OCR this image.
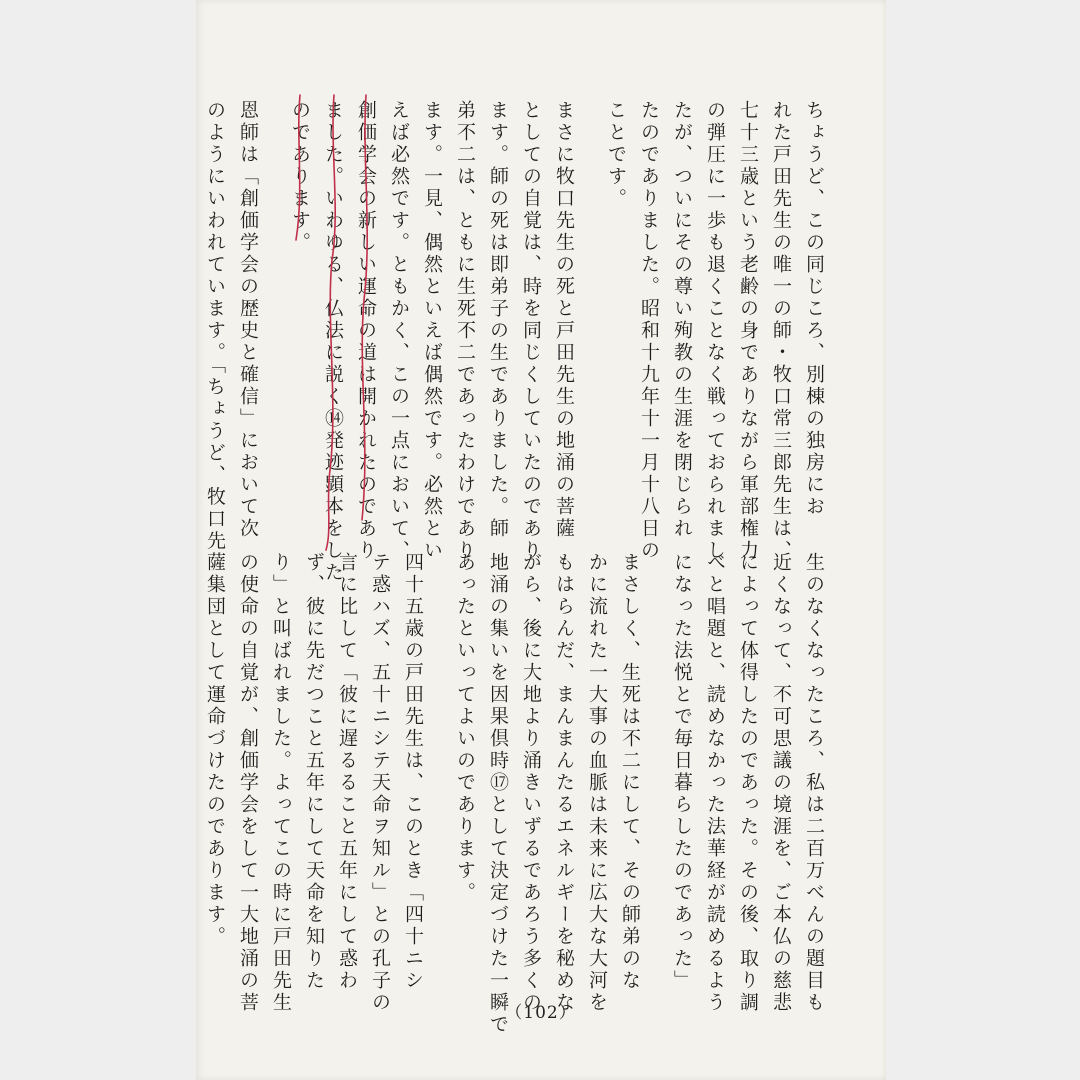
ちょうど、この同じころ、別棟の独房にお
れた戸田先生の唯一の師・牧口常三郎先生は、
七十三歳という老齢の身でありながら軍部権力
の弾圧に一歩も退くことなく戦っておられまし
たが、ついにその尊い殉教の生涯を閉じられ
たのでありました。昭和十九年十一月十八日の
ことです。
まさに牧口先生の死と戸田先生の地涌の菩薩
としての自覚は、時を同じくしていたのであり
ます。師の死は即弟子の生でありました。師
弟不二は、ともに生死不二であったわけであり
ます。一見、偶然といえば偶然です。必然とい
えば必然です。ともかく、この一点において、
創価学会の新しい運命の道は開かれたのであり
ました。いわゆる、仏法に説く⑭発迹顕本をした
のであります。
恩師は「創価学会の歴史と確信」において次
のようにいわれています。「ちょうど、牧口先
生のなくなったころ、私は二百万べんの題目も
近くなって、不可思議の境涯を、ご本仏の慈悲
によって体得したのであった。その後、取り調
べと唱題と、読めなかった法華経が読めるよう
になった法悦とで毎日暮らしたのであった」
まさしく、生死は不二にして、その師弟のな
かに流れた一大事の血脈は未来に広大な大河を
もはらんだ、まんまんたるエネルギーを秘めな
がら、後に大地より涌きいずるであろう多くの
地涌の集いを因果倶時⑰として決定づけた一瞬で
あったといってよいのであります。
四十五歳の戸田先生は、このとき「四十ニシ
テ惑ハズ、五十ニシテ天命ヲ知ル」との孔子の
言に比して「彼に遅るること五年にして惑わ
ず、彼に先だつこと五年にして天命を知りた
り」と叫ばれました。よってこの時に戸田先生
の使命の自覚が、創価学会をして一大地涌の菩
薩集団として運命づけたのであります。
（102）
